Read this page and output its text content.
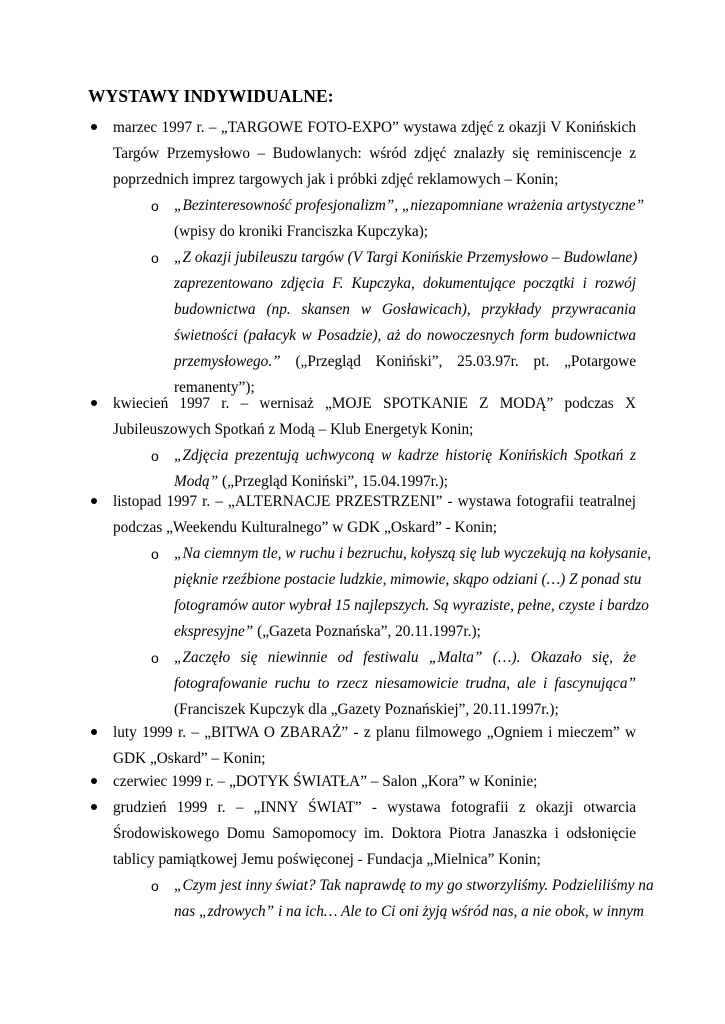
WYSTAWY INDYWIDUALNE:
marzec 1997 r. – „TARGOWE FOTO-EXPO” wystawa zdjęć z okazji V Konińskich
Targów Przemysłowo – Budowlanych: wśród zdjęć znalazły się reminiscencje z
poprzednich imprez targowych jak i próbki zdjęć reklamowych – Konin;
o „Bezinteresowność profesjonalizm”, „niezapomniane wrażenia artystyczne”
(wpisy do kroniki Franciszka Kupczyka);
o „Z okazji jubileuszu targów (V Targi Konińskie Przemysłowo – Budowlane)
zaprezentowano zdjęcia F. Kupczyka, dokumentujące początki i rozwój
budownictwa (np. skansen w Gosławicach), przykłady przywracania
świetności (pałacyk w Posadzie), aż do nowoczesnych form budownictwa
przemysłowego.” („Przegląd Koniński”, 25.03.97r. pt. „Potargowe
remanenty”);
kwiecień 1997 r. – wernisaż „MOJE SPOTKANIE Z MODĄ” podczas X
Jubileuszowych Spotkań z Modą – Klub Energetyk Konin;
o „Zdjęcia prezentują uchwyconą w kadrze historię Konińskich Spotkań z
Modą” („Przegląd Koniński”, 15.04.1997r.);
listopad 1997 r. – „ALTERNACJE PRZESTRZENI” - wystawa fotografii teatralnej
podczas „Weekendu Kulturalnego” w GDK „Oskard” - Konin;
o „Na ciemnym tle, w ruchu i bezruchu, kołyszą się lub wyczekują na kołysanie,
pięknie rzeźbione postacie ludzkie, mimowie, skąpo odziani (…) Z ponad stu
fotogramów autor wybrał 15 najlepszych. Są wyraziste, pełne, czyste i bardzo
ekspresyjne” („Gazeta Poznańska”, 20.11.1997r.);
o „Zaczęło się niewinnie od festiwalu „Malta” (…). Okazało się, że
fotografowanie ruchu to rzecz niesamowicie trudna, ale i fascynująca”
(Franciszek Kupczyk dla „Gazety Poznańskiej”, 20.11.1997r.);
luty 1999 r. – „BITWA O ZBARAŻ” - z planu filmowego „Ogniem i mieczem” w
GDK „Oskard” – Konin;
czerwiec 1999 r. – „DOTYK ŚWIATŁA” – Salon „Kora” w Koninie;
grudzień 1999 r. – „INNY ŚWIAT” - wystawa fotografii z okazji otwarcia
Środowiskowego Domu Samopomocy im. Doktora Piotra Janaszka i odsłonięcie
tablicy pamiątkowej Jemu poświęconej - Fundacja „Mielnica” Konin;
o „Czym jest inny świat? Tak naprawdę to my go stworzyliśmy. Podzieliliśmy na
nas „zdrowych” i na ich… Ale to Ci oni żyją wśród nas, a nie obok, w innym
